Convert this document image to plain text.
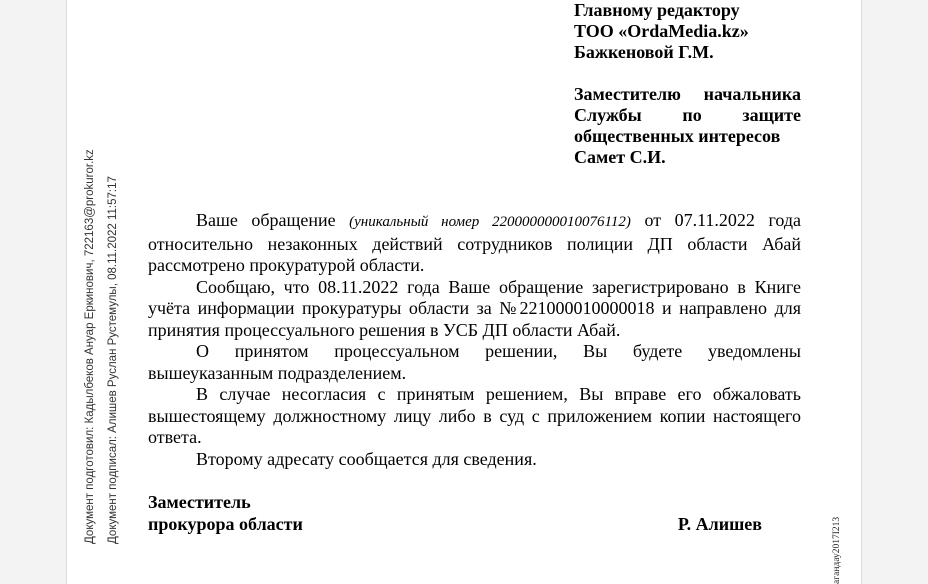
Главному редактору
ТОО «OrdaMedia.kz»
Бажкеновой Г.М.
Заместителю начальника
Службы по защите
общественных интересов
Самет С.И.
Ваше обращение (уникальный номер 220000000010076112) от 07.11.2022 года относительно незаконных действий сотрудников полиции ДП области Абай рассмотрено прокуратурой области.
Сообщаю, что 08.11.2022 года Ваше обращение зарегистрировано в Книге учёта информации прокуратуры области за №221000010000018 и направлено для принятия процессуального решения в УСБ ДП области Абай.
О принятом процессуальном решении, Вы будете уведомлены вышеуказанным подразделением.
В случае несогласия с принятым решением, Вы вправе его обжаловать вышестоящему должностному лицу либо в суд с приложением копии настоящего ответа.
Второму адресату сообщается для сведения.
Заместитель
прокурора области	Р. Алишев
Документ подготовил: Кадылбеков Ануар Еркинович, 722163@prokuror.kz Документ подписал: Алишев Руслан Рустемулы, 08.11.2022 11:57:17
агандау2017I213
